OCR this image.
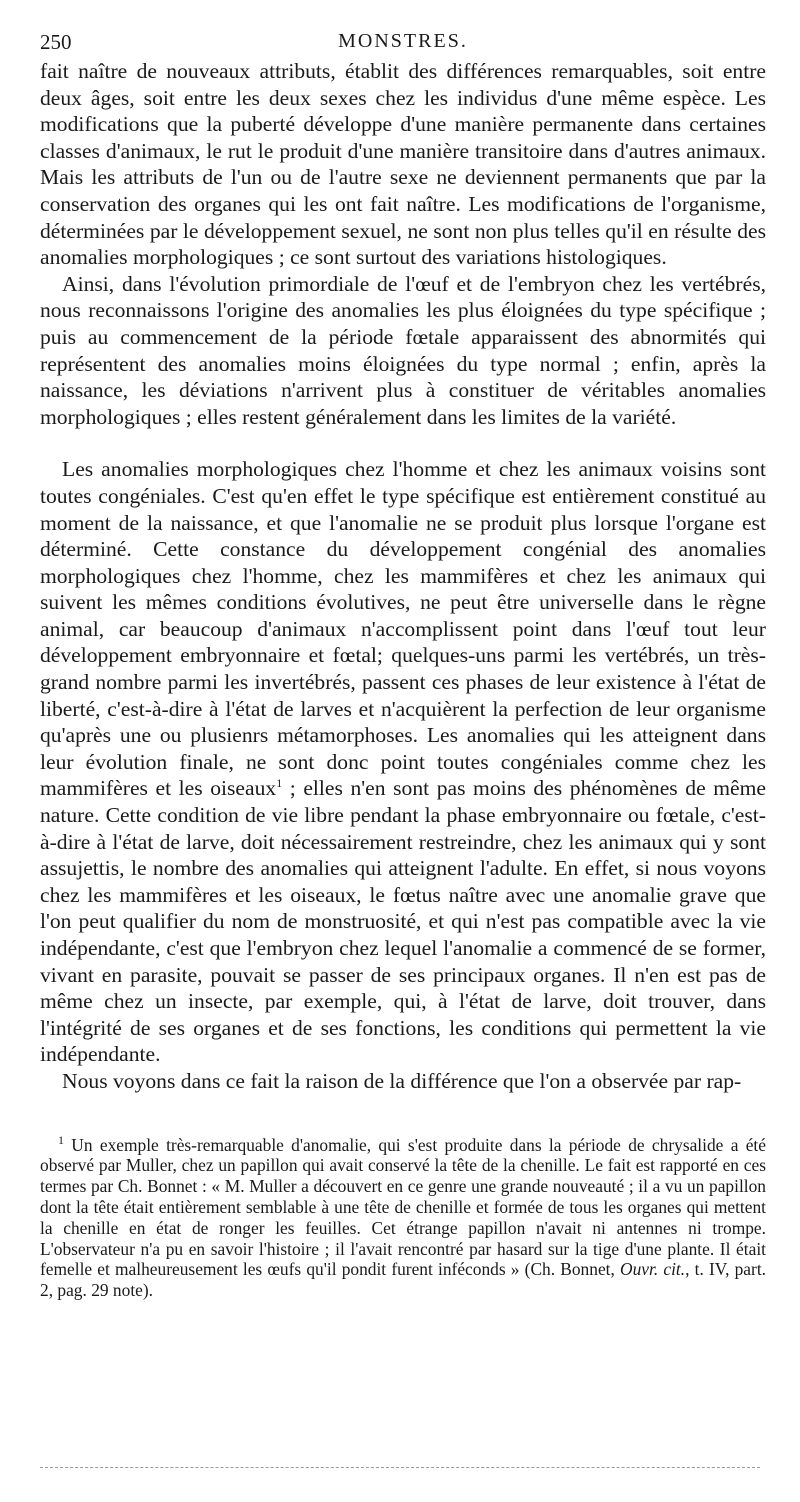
250	MONSTRES.

fait naître de nouveaux attributs, établit des différences remarquables, soit entre deux âges, soit entre les deux sexes chez les individus d'une même espèce. Les modifications que la puberté développe d'une manière permanente dans certaines classes d'animaux, le rut le produit d'une manière transitoire dans d'autres animaux. Mais les attributs de l'un ou de l'autre sexe ne deviennent permanents que par la conservation des organes qui les ont fait naître. Les modifications de l'organisme, déterminées par le développement sexuel, ne sont non plus telles qu'il en résulte des anomalies morphologiques ; ce sont surtout des variations histologiques.

Ainsi, dans l'évolution primordiale de l'œuf et de l'embryon chez les vertébrés, nous reconnaissons l'origine des anomalies les plus éloignées du type spécifique ; puis au commencement de la période fœtale apparaissent des abnormités qui représentent des anomalies moins éloignées du type normal ; enfin, après la naissance, les déviations n'arrivent plus à constituer de véritables anomalies morphologiques ; elles restent généralement dans les limites de la variété.

Les anomalies morphologiques chez l'homme et chez les animaux voisins sont toutes congéniales. C'est qu'en effet le type spécifique est entièrement constitué au moment de la naissance, et que l'anomalie ne se produit plus lorsque l'organe est déterminé. Cette constance du développement congénial des anomalies morphologiques chez l'homme, chez les mammifères et chez les animaux qui suivent les mêmes conditions évolutives, ne peut être universelle dans le règne animal, car beaucoup d'animaux n'accomplissent point dans l'œuf tout leur développement embryonnaire et fœtal; quelques-uns parmi les vertébrés, un très-grand nombre parmi les invertébrés, passent ces phases de leur existence à l'état de liberté, c'est-à-dire à l'état de larves et n'acquièrent la perfection de leur organisme qu'après une ou plusienrs métamorphoses. Les anomalies qui les atteignent dans leur évolution finale, ne sont donc point toutes congéniales comme chez les mammifères et les oiseaux$^1$ ; elles n'en sont pas moins des phénomènes de même nature. Cette condition de vie libre pendant la phase embryonnaire ou fœtale, c'est-à-dire à l'état de larve, doit nécessairement restreindre, chez les animaux qui y sont assujettis, le nombre des anomalies qui atteignent l'adulte. En effet, si nous voyons chez les mammifères et les oiseaux, le fœtus naître avec une anomalie grave que l'on peut qualifier du nom de monstruosité, et qui n'est pas compatible avec la vie indépendante, c'est que l'embryon chez lequel l'anomalie a commencé de se former, vivant en parasite, pouvait se passer de ses principaux organes. Il n'en est pas de même chez un insecte, par exemple, qui, à l'état de larve, doit trouver, dans l'intégrité de ses organes et de ses fonctions, les conditions qui permettent la vie indépendante.

Nous voyons dans ce fait la raison de la différence que l'on a observée par rap-

$^1$ Un exemple très-remarquable d'anomalie, qui s'est produite dans la période de chrysalide a été observé par Muller, chez un papillon qui avait conservé la tête de la chenille. Le fait est rapporté en ces termes par Ch. Bonnet : « M. Muller a découvert en ce genre une grande nouveauté ; il a vu un papillon dont la tête était entièrement semblable à une tête de chenille et formée de tous les organes qui mettent la chenille en état de ronger les feuilles. Cet étrange papillon n'avait ni antennes ni trompe. L'observateur n'a pu en savoir l'histoire ; il l'avait rencontré par hasard sur la tige d'une plante. Il était femelle et malheureusement les œufs qu'il pondit furent inféconds » (Ch. Bonnet, Ouvr. cit., t. IV, part. 2, pag. 29 note).
